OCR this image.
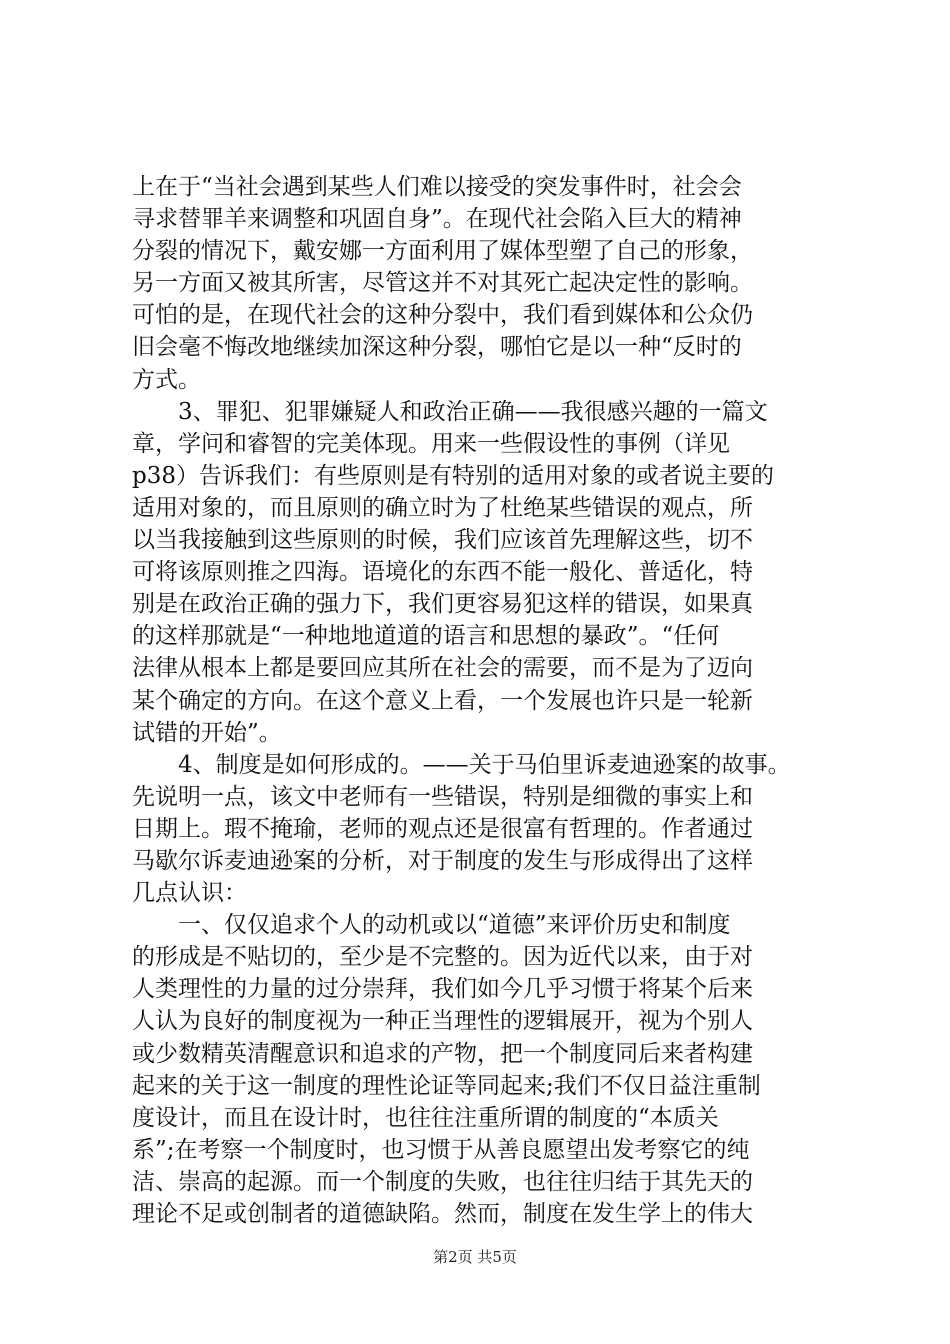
上在于“当社会遇到某些人们难以接受的突发事件时，社会会
寻求替罪羊来调整和巩固自身”。在现代社会陷入巨大的精神
分裂的情况下，戴安娜一方面利用了媒体型塑了自己的形象，
另一方面又被其所害，尽管这并不对其死亡起决定性的影响。
可怕的是，在现代社会的这种分裂中，我们看到媒体和公众仍
旧会毫不悔改地继续加深这种分裂，哪怕它是以一种“反时的
方式。
3、罪犯、犯罪嫌疑人和政治正确——我很感兴趣的一篇文
章，学问和睿智的完美体现。用来一些假设性的事例（详见
p38）告诉我们：有些原则是有特别的适用对象的或者说主要的
适用对象的，而且原则的确立时为了杜绝某些错误的观点，所
以当我接触到这些原则的时候，我们应该首先理解这些，切不
可将该原则推之四海。语境化的东西不能一般化、普适化，特
别是在政治正确的强力下，我们更容易犯这样的错误，如果真
的这样那就是“一种地地道道的语言和思想的暴政”。“任何
法律从根本上都是要回应其所在社会的需要，而不是为了迈向
某个确定的方向。在这个意义上看，一个发展也许只是一轮新
试错的开始”。
4、制度是如何形成的。——关于马伯里诉麦迪逊案的故事。
先说明一点，该文中老师有一些错误，特别是细微的事实上和
日期上。瑕不掩瑜，老师的观点还是很富有哲理的。作者通过
马歇尔诉麦迪逊案的分析，对于制度的发生与形成得出了这样
几点认识：
一、仅仅追求个人的动机或以“道德”来评价历史和制度
的形成是不贴切的，至少是不完整的。因为近代以来，由于对
人类理性的力量的过分崇拜，我们如今几乎习惯于将某个后来
人认为良好的制度视为一种正当理性的逻辑展开，视为个别人
或少数精英清醒意识和追求的产物，把一个制度同后来者构建
起来的关于这一制度的理性论证等同起来;我们不仅日益注重制
度设计，而且在设计时，也往往注重所谓的制度的“本质关
系”;在考察一个制度时，也习惯于从善良愿望出发考察它的纯
洁、崇高的起源。而一个制度的失败，也往往归结于其先天的
理论不足或创制者的道德缺陷。然而，制度在发生学上的伟大
第2页 共5页
